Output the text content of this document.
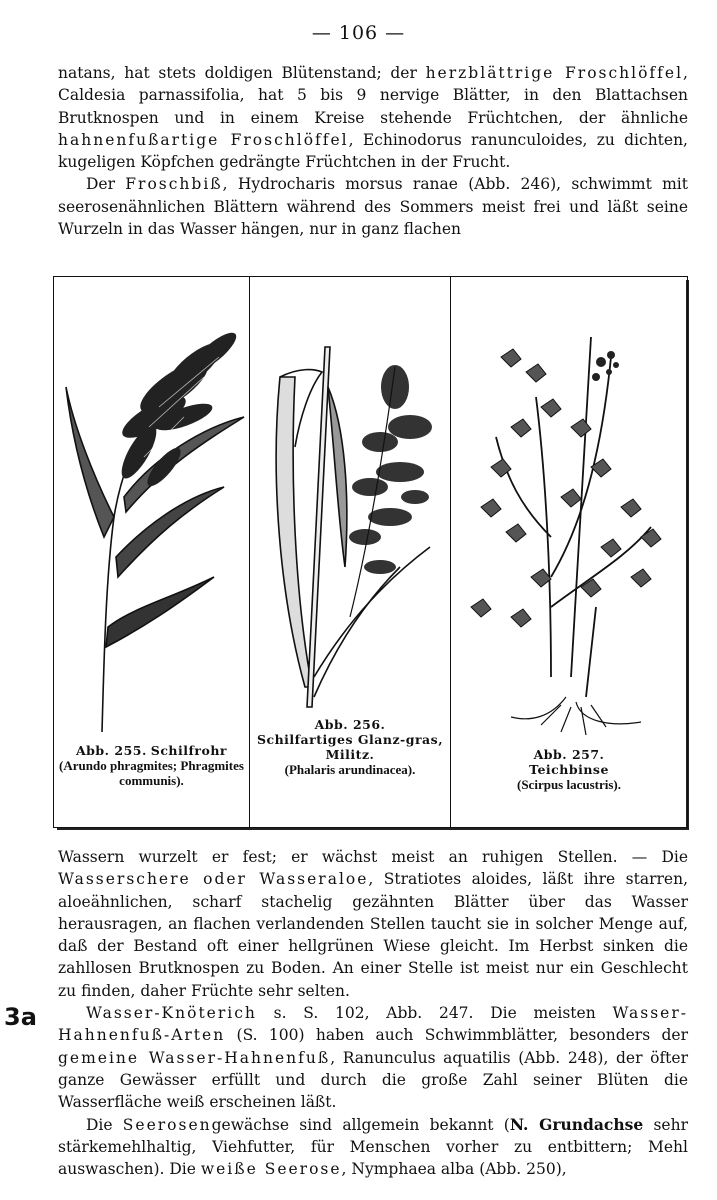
— 106 —

natans, hat stets doldigen Blütenstand; der herzblättrige Froschlöffel, Caldesia parnassifolia, hat 5 bis 9 nervige Blätter, in den Blattachsen Brutknospen und in einem Kreise stehende Früchtchen, der ähnliche hahnenfußartige Froschlöffel, Echinodorus ranunculoides, zu dichten, kugeligen Köpfchen gedrängte Früchtchen in der Frucht.

Der Froschbiß, Hydrocharis morsus ranae (Abb. 246), schwimmt mit seerosenähnlichen Blättern während des Sommers meist frei und läßt seine Wurzeln in das Wasser hängen, nur in ganz flachen

Abb. 255. Schilfrohr
(Arundo phragmites; Phragmites communis).
Abb. 256.
Schilfartiges Glanz-gras, Militz.
(Phalaris arundinacea).
Abb. 257.
Teichbinse
(Scirpus lacustris).

Wassern wurzelt er fest; er wächst meist an ruhigen Stellen. — Die Wasserschere oder Wasseraloe, Stratiotes aloides, läßt ihre starren, aloeähnlichen, scharf stachelig gezähnten Blätter über das Wasser herausragen, an flachen verlandenden Stellen taucht sie in solcher Menge auf, daß der Bestand oft einer hellgrünen Wiese gleicht. Im Herbst sinken die zahllosen Brutknospen zu Boden. An einer Stelle ist meist nur ein Geschlecht zu finden, daher Früchte sehr selten.

Wasser-Knöterich s. S. 102, Abb. 247. Die meisten Wasser-Hahnenfuß-Arten (S. 100) haben auch Schwimmblätter, besonders der gemeine Wasser-Hahnenfuß, Ranunculus aquatilis (Abb. 248), der öfter ganze Gewässer erfüllt und durch die große Zahl seiner Blüten die Wasserfläche weiß erscheinen läßt.

Die Seerosengewächse sind allgemein bekannt (N. Grundachse sehr stärkemehlhaltig, Viehfutter, für Menschen vorher zu entbittern; Mehl auswaschen). Die weiße Seerose, Nymphaea alba (Abb. 250),

3a
